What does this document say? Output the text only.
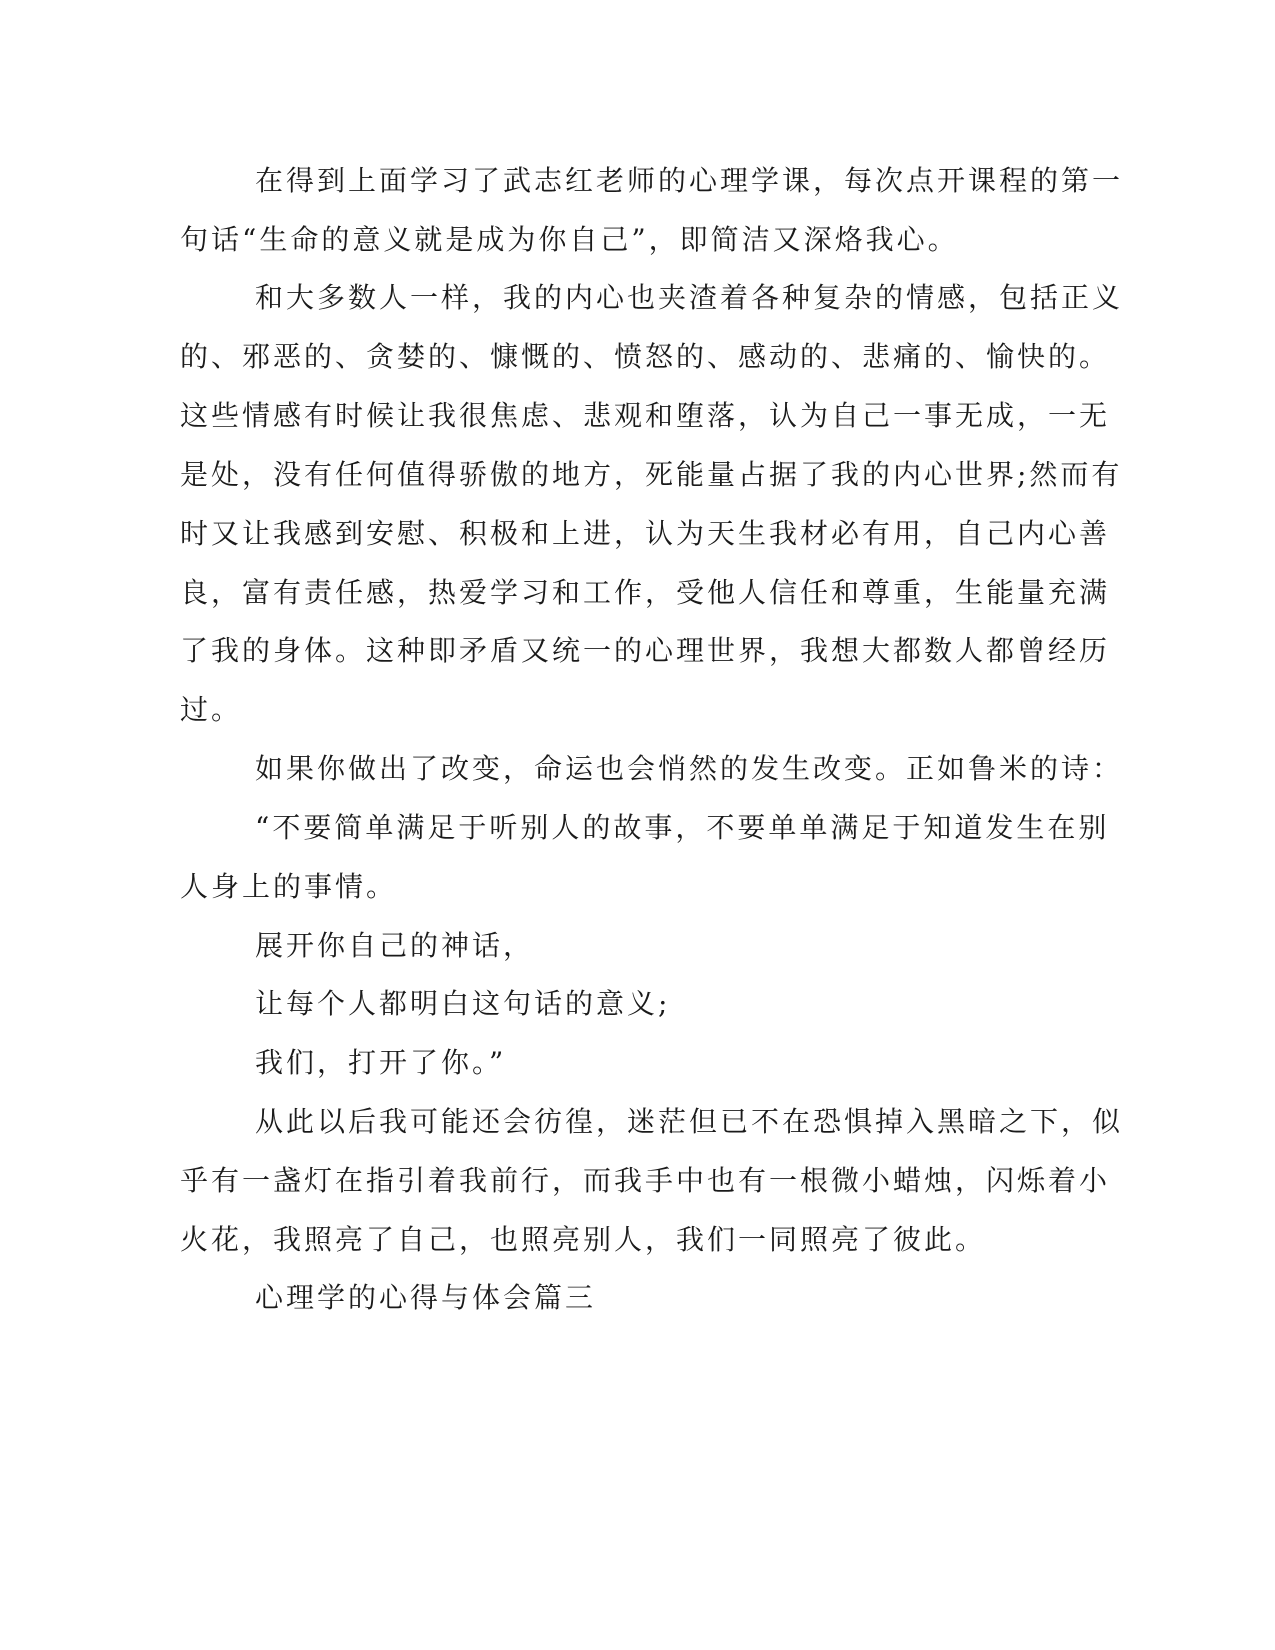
在得到上面学习了武志红老师的心理学课，每次点开课程的第一
句话“生命的意义就是成为你自己”，即简洁又深烙我心。
和大多数人一样，我的内心也夹渣着各种复杂的情感，包括正义
的、邪恶的、贪婪的、慷慨的、愤怒的、感动的、悲痛的、愉快的。
这些情感有时候让我很焦虑、悲观和堕落，认为自己一事无成，一无
是处，没有任何值得骄傲的地方，死能量占据了我的内心世界;然而有
时又让我感到安慰、积极和上进，认为天生我材必有用，自己内心善
良，富有责任感，热爱学习和工作，受他人信任和尊重，生能量充满
了我的身体。这种即矛盾又统一的心理世界，我想大都数人都曾经历
过。
如果你做出了改变，命运也会悄然的发生改变。正如鲁米的诗：
“不要简单满足于听别人的故事，不要单单满足于知道发生在别
人身上的事情。
展开你自己的神话，
让每个人都明白这句话的意义;
我们，打开了你。”
从此以后我可能还会彷徨，迷茫但已不在恐惧掉入黑暗之下，似
乎有一盏灯在指引着我前行，而我手中也有一根微小蜡烛，闪烁着小
火花，我照亮了自己，也照亮别人，我们一同照亮了彼此。
心理学的心得与体会篇三
